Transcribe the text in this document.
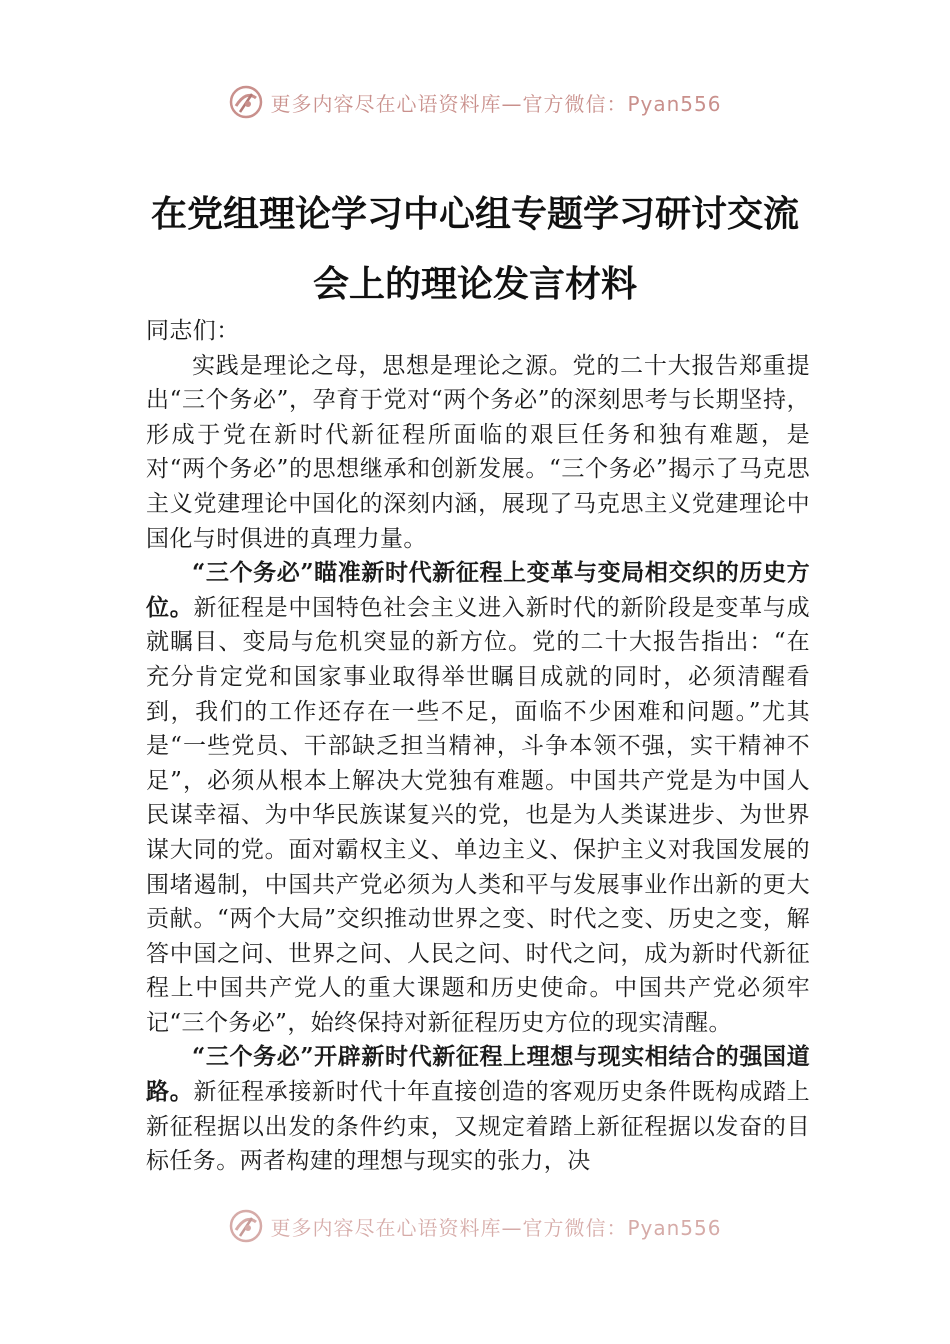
更多内容尽在心语资料库—官方微信：Pyan556
在党组理论学习中心组专题学习研讨交流
会上的理论发言材料

同志们：

实践是理论之母，思想是理论之源。党的二十大报告郑重提出“三个务必”，孕育于党对“两个务必”的深刻思考与长期坚持，形成于党在新时代新征程所面临的艰巨任务和独有难题，是对“两个务必”的思想继承和创新发展。“三个务必”揭示了马克思主义党建理论中国化的深刻内涵，展现了马克思主义党建理论中国化与时俱进的真理力量。

“三个务必”瞄准新时代新征程上变革与变局相交织的历史方位。新征程是中国特色社会主义进入新时代的新阶段是变革与成就瞩目、变局与危机突显的新方位。党的二十大报告指出：“在充分肯定党和国家事业取得举世瞩目成就的同时，必须清醒看到，我们的工作还存在一些不足，面临不少困难和问题。”尤其是“一些党员、干部缺乏担当精神，斗争本领不强，实干精神不足”，必须从根本上解决大党独有难题。中国共产党是为中国人民谋幸福、为中华民族谋复兴的党，也是为人类谋进步、为世界谋大同的党。面对霸权主义、单边主义、保护主义对我国发展的围堵遏制，中国共产党必须为人类和平与发展事业作出新的更大贡献。“两个大局”交织推动世界之变、时代之变、历史之变，解答中国之问、世界之问、人民之问、时代之问，成为新时代新征程上中国共产党人的重大课题和历史使命。中国共产党必须牢记“三个务必”，始终保持对新征程历史方位的现实清醒。

“三个务必”开辟新时代新征程上理想与现实相结合的强国道路。新征程承接新时代十年直接创造的客观历史条件既构成踏上新征程据以出发的条件约束，又规定着踏上新征程据以发奋的目标任务。两者构建的理想与现实的张力，决

更多内容尽在心语资料库—官方微信：Pyan556
